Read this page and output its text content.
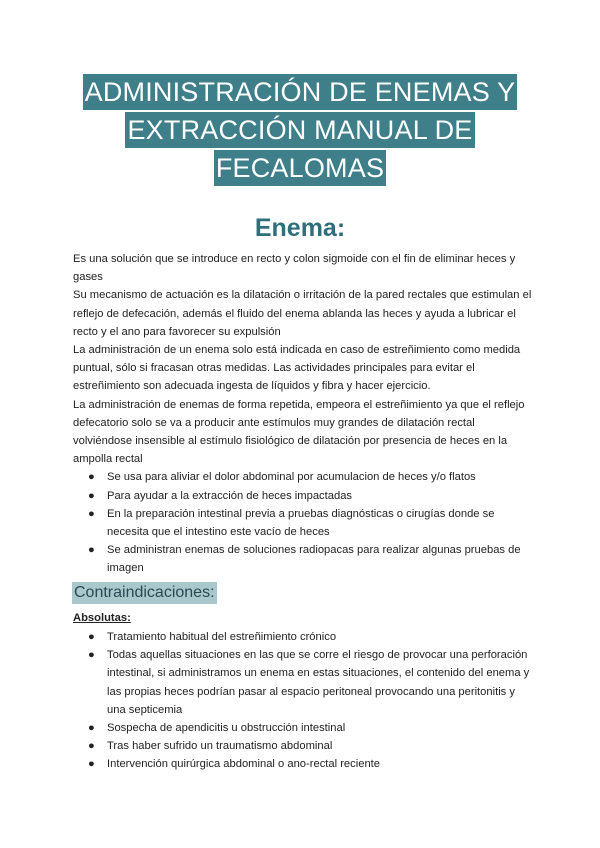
ADMINISTRACIÓN DE ENEMAS Y
EXTRACCIÓN MANUAL DE
FECALOMAS
Enema:

Es una solución que se introduce en recto y colon sigmoide con el fin de eliminar heces y gases

Su mecanismo de actuación es la dilatación o irritación de la pared rectales que estimulan el reflejo de defecación, además el fluido del enema ablanda las heces y ayuda a lubricar el recto y el ano para favorecer su expulsión

La administración de un enema solo está indicada en caso de estreñimiento como medida puntual, sólo si fracasan otras medidas. Las actividades principales para evitar el estreñimiento son adecuada ingesta de líquidos y fibra y hacer ejercicio.

La administración de enemas de forma repetida, empeora el estreñimiento ya que el reflejo defecatorio solo se va a producir ante estímulos muy grandes de dilatación rectal volviéndose insensible al estímulo fisiológico de dilatación por presencia de heces en la ampolla rectal

● Se usa para aliviar el dolor abdominal por acumulacion de heces y/o flatos
● Para ayudar a la extracción de heces impactadas
● En la preparación intestinal previa a pruebas diagnósticas o cirugías donde se necesita que el intestino este vacío de heces
● Se administran enemas de soluciones radiopacas para realizar algunas pruebas de imagen
Contraindicaciones:
Absolutas:
● Tratamiento habitual del estreñimiento crónico
● Todas aquellas situaciones en las que se corre el riesgo de provocar una perforación intestinal, si administramos un enema en estas situaciones, el contenido del enema y las propias heces podrían pasar al espacio peritoneal provocando una peritonitis y una septicemia
● Sospecha de apendicitis u obstrucción intestinal
● Tras haber sufrido un traumatismo abdominal
● Intervención quirúrgica abdominal o ano-rectal reciente
